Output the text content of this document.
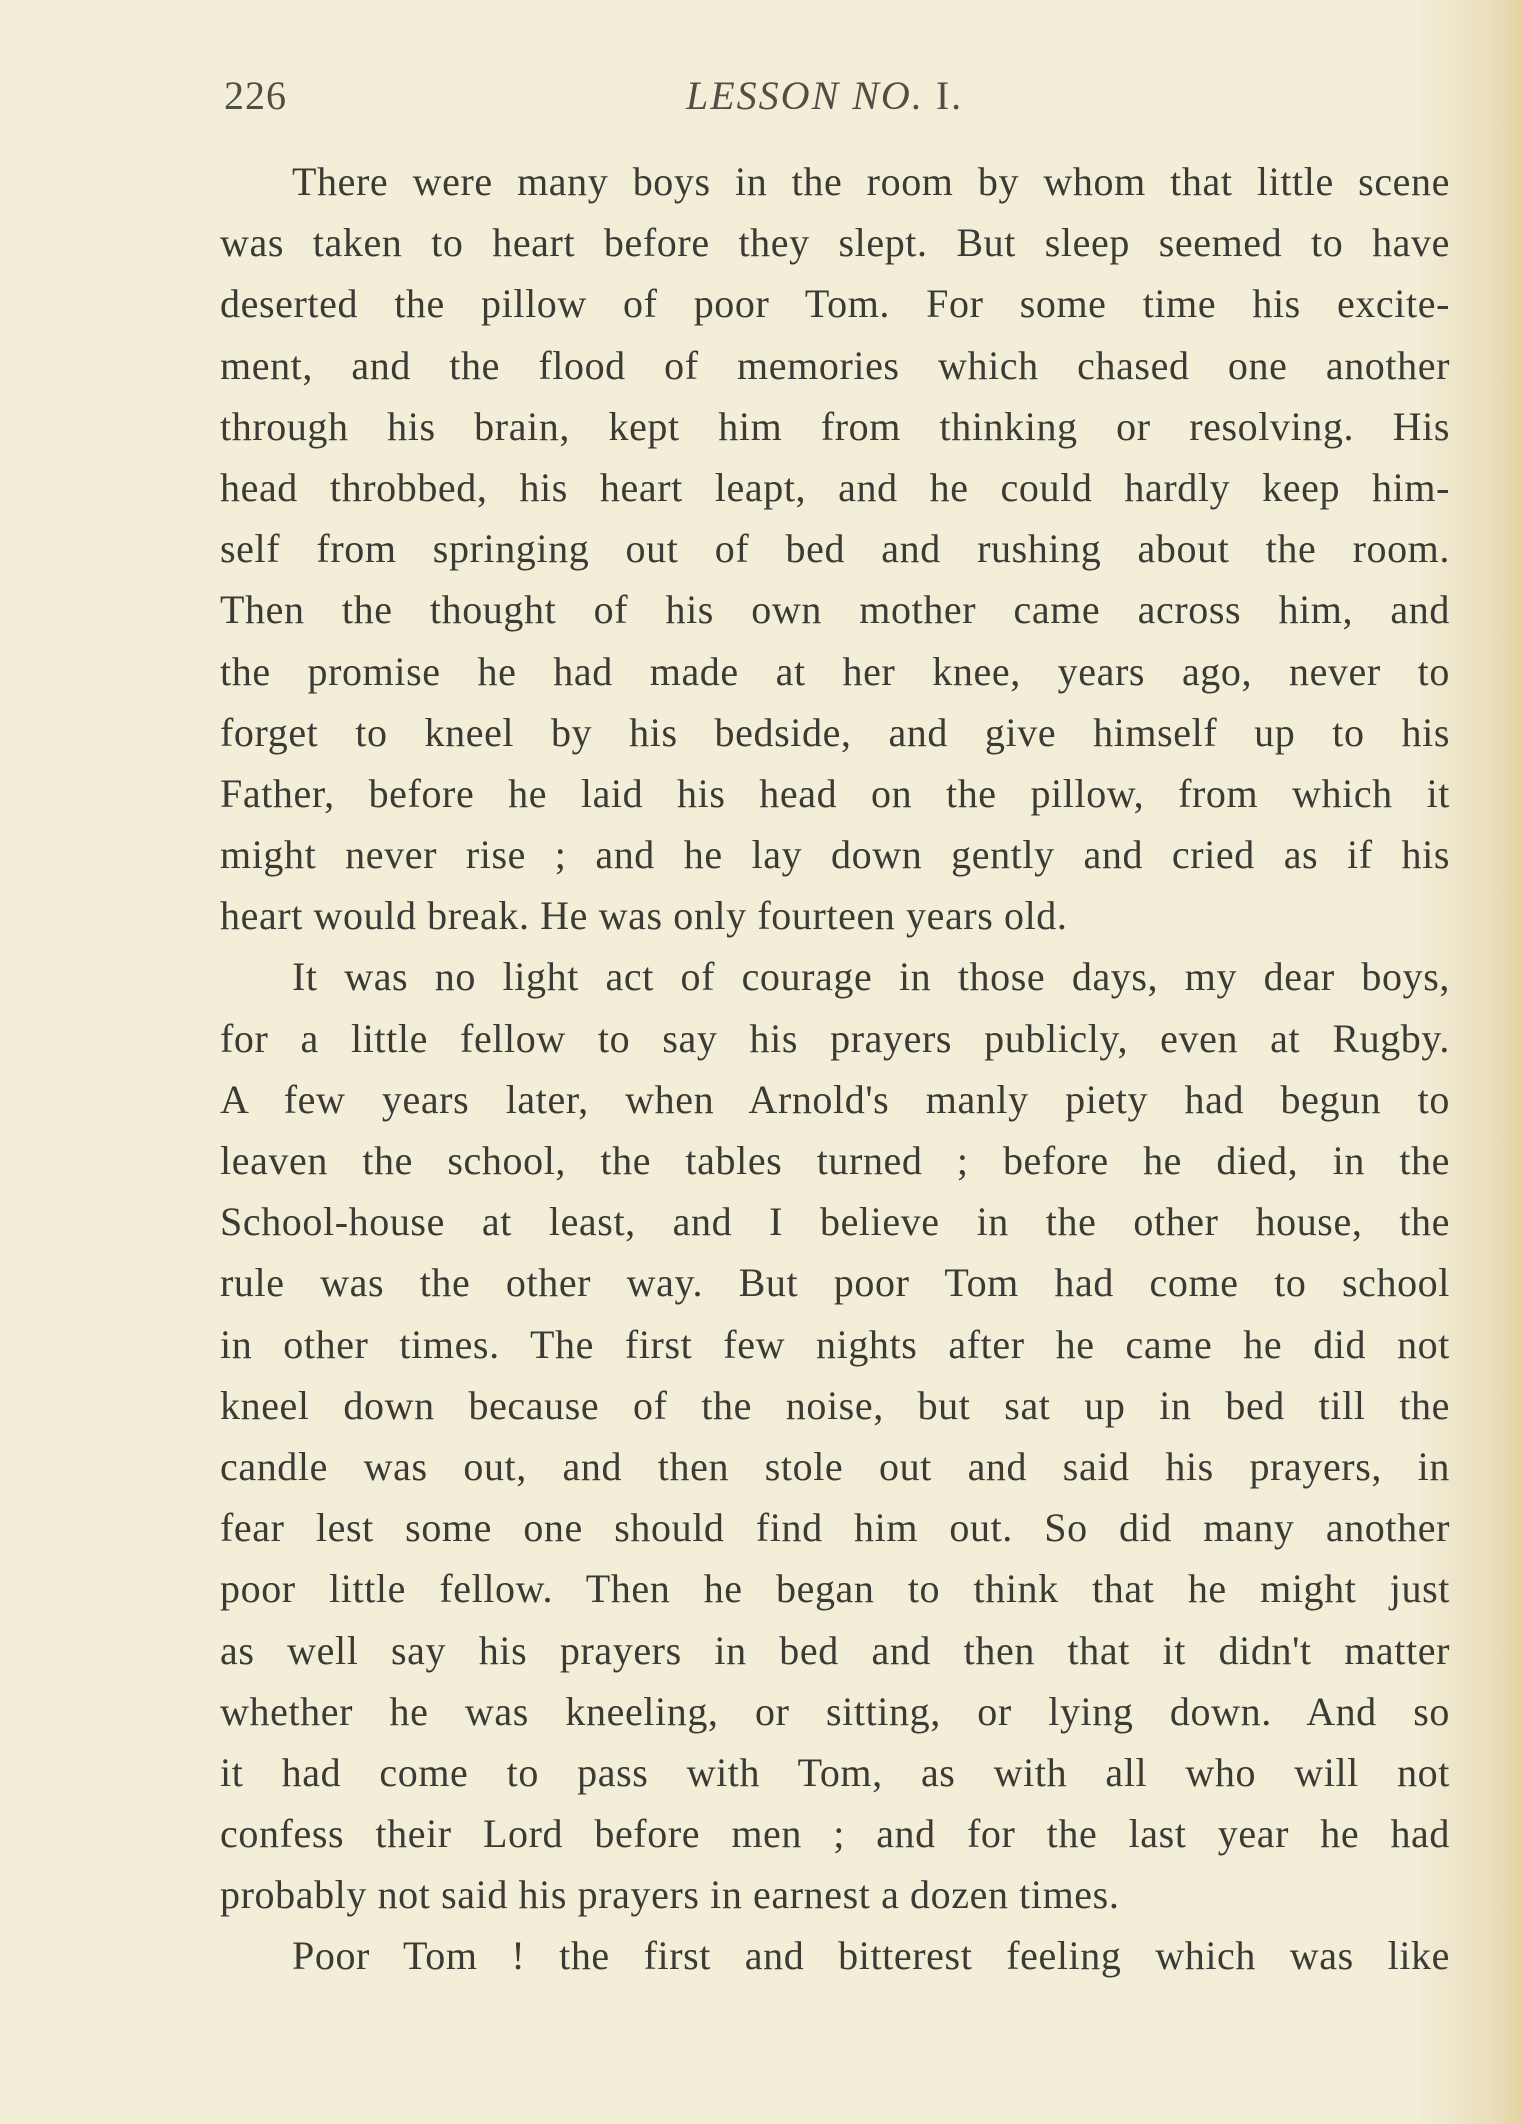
226	LESSON NO. I.
There were many boys in the room by whom that little scene
was taken to heart before they slept. But sleep seemed to have
deserted the pillow of poor Tom. For some time his excite-
ment, and the flood of memories which chased one another
through his brain, kept him from thinking or resolving. His
head throbbed, his heart leapt, and he could hardly keep him-
self from springing out of bed and rushing about the room.
Then the thought of his own mother came across him, and
the promise he had made at her knee, years ago, never to
forget to kneel by his bedside, and give himself up to his
Father, before he laid his head on the pillow, from which it
might never rise ; and he lay down gently and cried as if his
heart would break. He was only fourteen years old.
It was no light act of courage in those days, my dear boys,
for a little fellow to say his prayers publicly, even at Rugby.
A few years later, when Arnold's manly piety had begun to
leaven the school, the tables turned ; before he died, in the
School-house at least, and I believe in the other house, the
rule was the other way. But poor Tom had come to school
in other times. The first few nights after he came he did not
kneel down because of the noise, but sat up in bed till the
candle was out, and then stole out and said his prayers, in
fear lest some one should find him out. So did many another
poor little fellow. Then he began to think that he might just
as well say his prayers in bed and then that it didn't matter
whether he was kneeling, or sitting, or lying down. And so
it had come to pass with Tom, as with all who will not
confess their Lord before men ; and for the last year he had
probably not said his prayers in earnest a dozen times.
Poor Tom ! the first and bitterest feeling which was like
